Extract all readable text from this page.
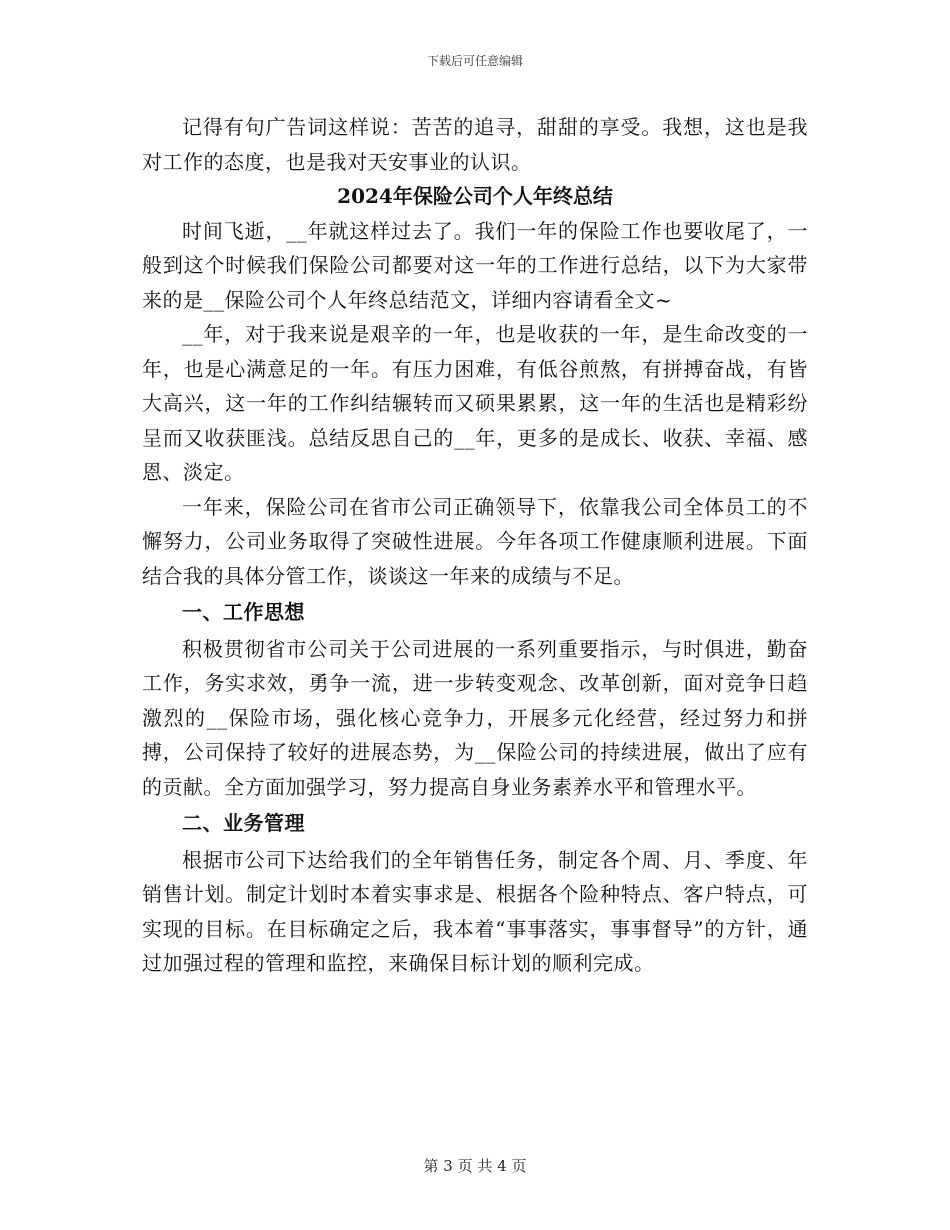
下载后可任意编辑

记得有句广告词这样说：苦苦的追寻，甜甜的享受。我想，这也是我对工作的态度，也是我对天安事业的认识。

2024年保险公司个人年终总结

时间飞逝，__年就这样过去了。我们一年的保险工作也要收尾了，一般到这个时候我们保险公司都要对这一年的工作进行总结，以下为大家带来的是__保险公司个人年终总结范文，详细内容请看全文~

__年，对于我来说是艰辛的一年，也是收获的一年，是生命改变的一年，也是心满意足的一年。有压力困难，有低谷煎熬，有拼搏奋战，有皆大高兴，这一年的工作纠结辗转而又硕果累累，这一年的生活也是精彩纷呈而又收获匪浅。总结反思自己的__年，更多的是成长、收获、幸福、感恩、淡定。

一年来，保险公司在省市公司正确领导下，依靠我公司全体员工的不懈努力，公司业务取得了突破性进展。今年各项工作健康顺利进展。下面结合我的具体分管工作，谈谈这一年来的成绩与不足。

一、工作思想

积极贯彻省市公司关于公司进展的一系列重要指示，与时俱进，勤奋工作，务实求效，勇争一流，进一步转变观念、改革创新，面对竞争日趋激烈的__保险市场，强化核心竞争力，开展多元化经营，经过努力和拼搏，公司保持了较好的进展态势，为__保险公司的持续进展，做出了应有的贡献。全方面加强学习，努力提高自身业务素养水平和管理水平。

二、业务管理

根据市公司下达给我们的全年销售任务，制定各个周、月、季度、年销售计划。制定计划时本着实事求是、根据各个险种特点、客户特点，可实现的目标。在目标确定之后，我本着“事事落实，事事督导”的方针，通过加强过程的管理和监控，来确保目标计划的顺利完成。

第 3 页 共 4 页
